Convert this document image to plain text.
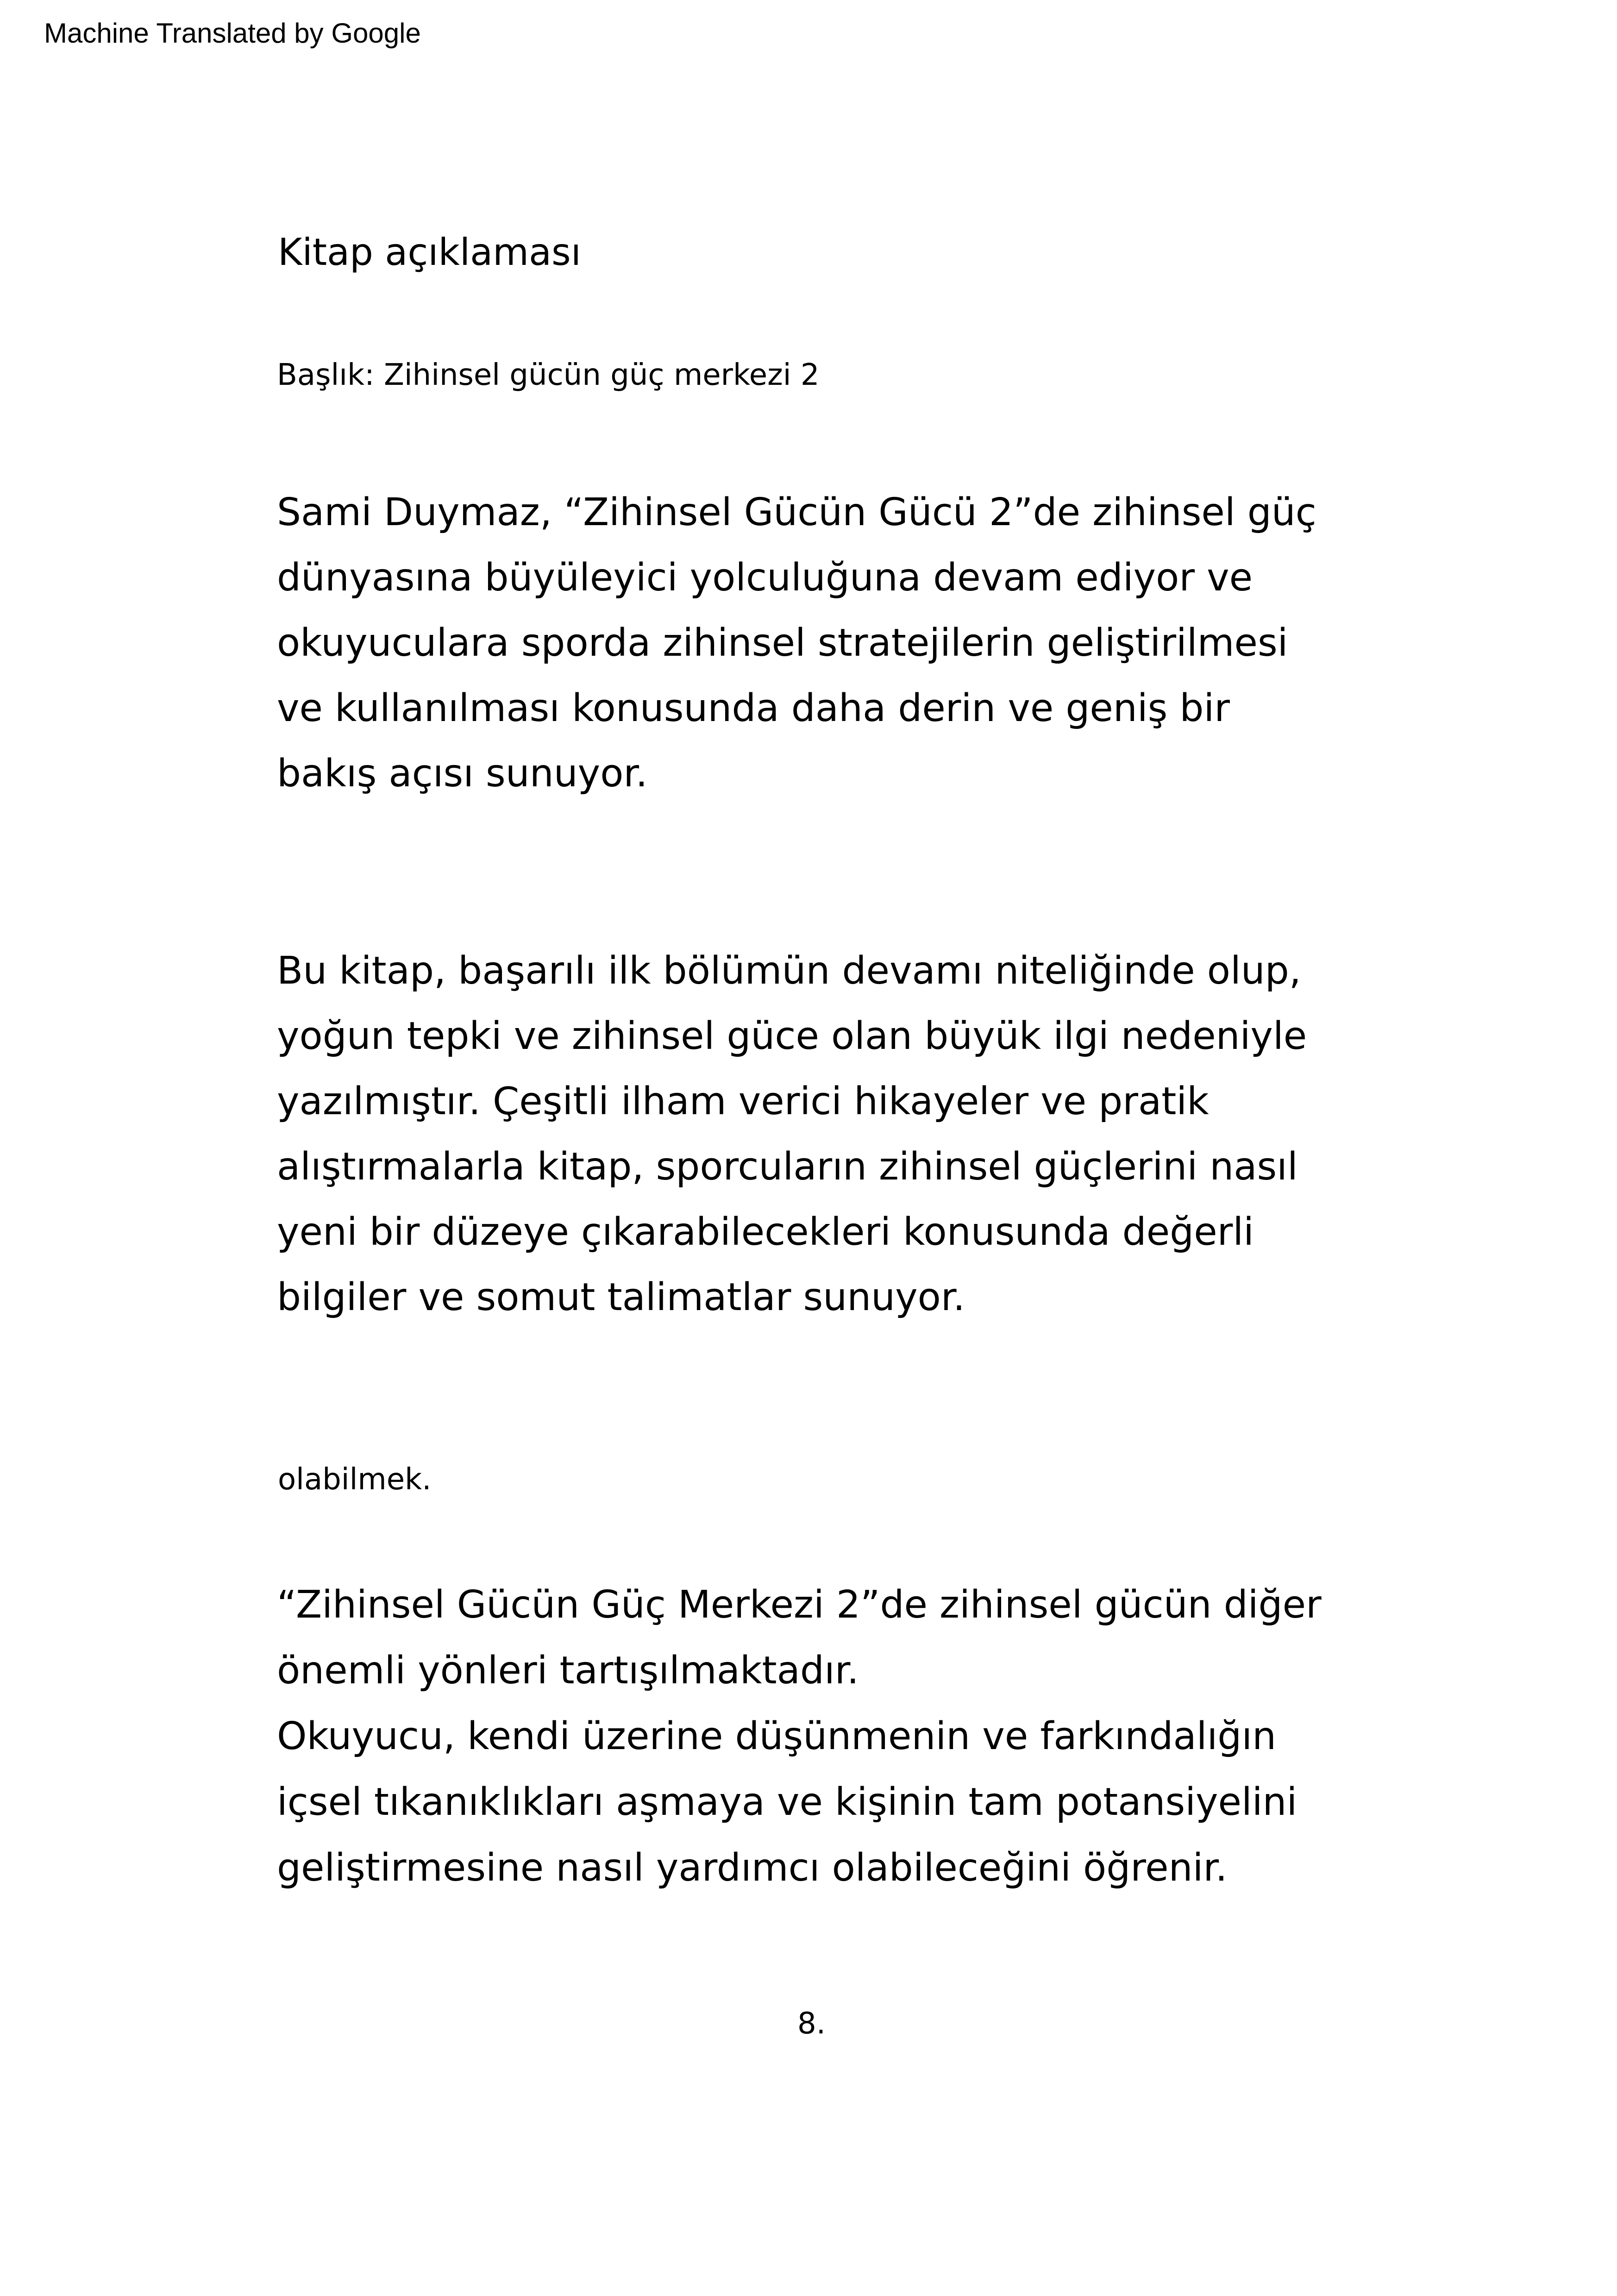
Machine Translated by Google
Kitap açıklaması
Başlık: Zihinsel gücün güç merkezi 2
Sami Duymaz, “Zihinsel Gücün Gücü 2”de zihinsel güç
dünyasına büyüleyici yolculuğuna devam ediyor ve
okuyuculara sporda zihinsel stratejilerin geliştirilmesi
ve kullanılması konusunda daha derin ve geniş bir
bakış açısı sunuyor.
Bu kitap, başarılı ilk bölümün devamı niteliğinde olup,
yoğun tepki ve zihinsel güce olan büyük ilgi nedeniyle
yazılmıştır. Çeşitli ilham verici hikayeler ve pratik
alıştırmalarla kitap, sporcuların zihinsel güçlerini nasıl
yeni bir düzeye çıkarabilecekleri konusunda değerli
bilgiler ve somut talimatlar sunuyor.
olabilmek.
“Zihinsel Gücün Güç Merkezi 2”de zihinsel gücün diğer
önemli yönleri tartışılmaktadır.
Okuyucu, kendi üzerine düşünmenin ve farkındalığın
içsel tıkanıklıkları aşmaya ve kişinin tam potansiyelini
geliştirmesine nasıl yardımcı olabileceğini öğrenir.
8.
